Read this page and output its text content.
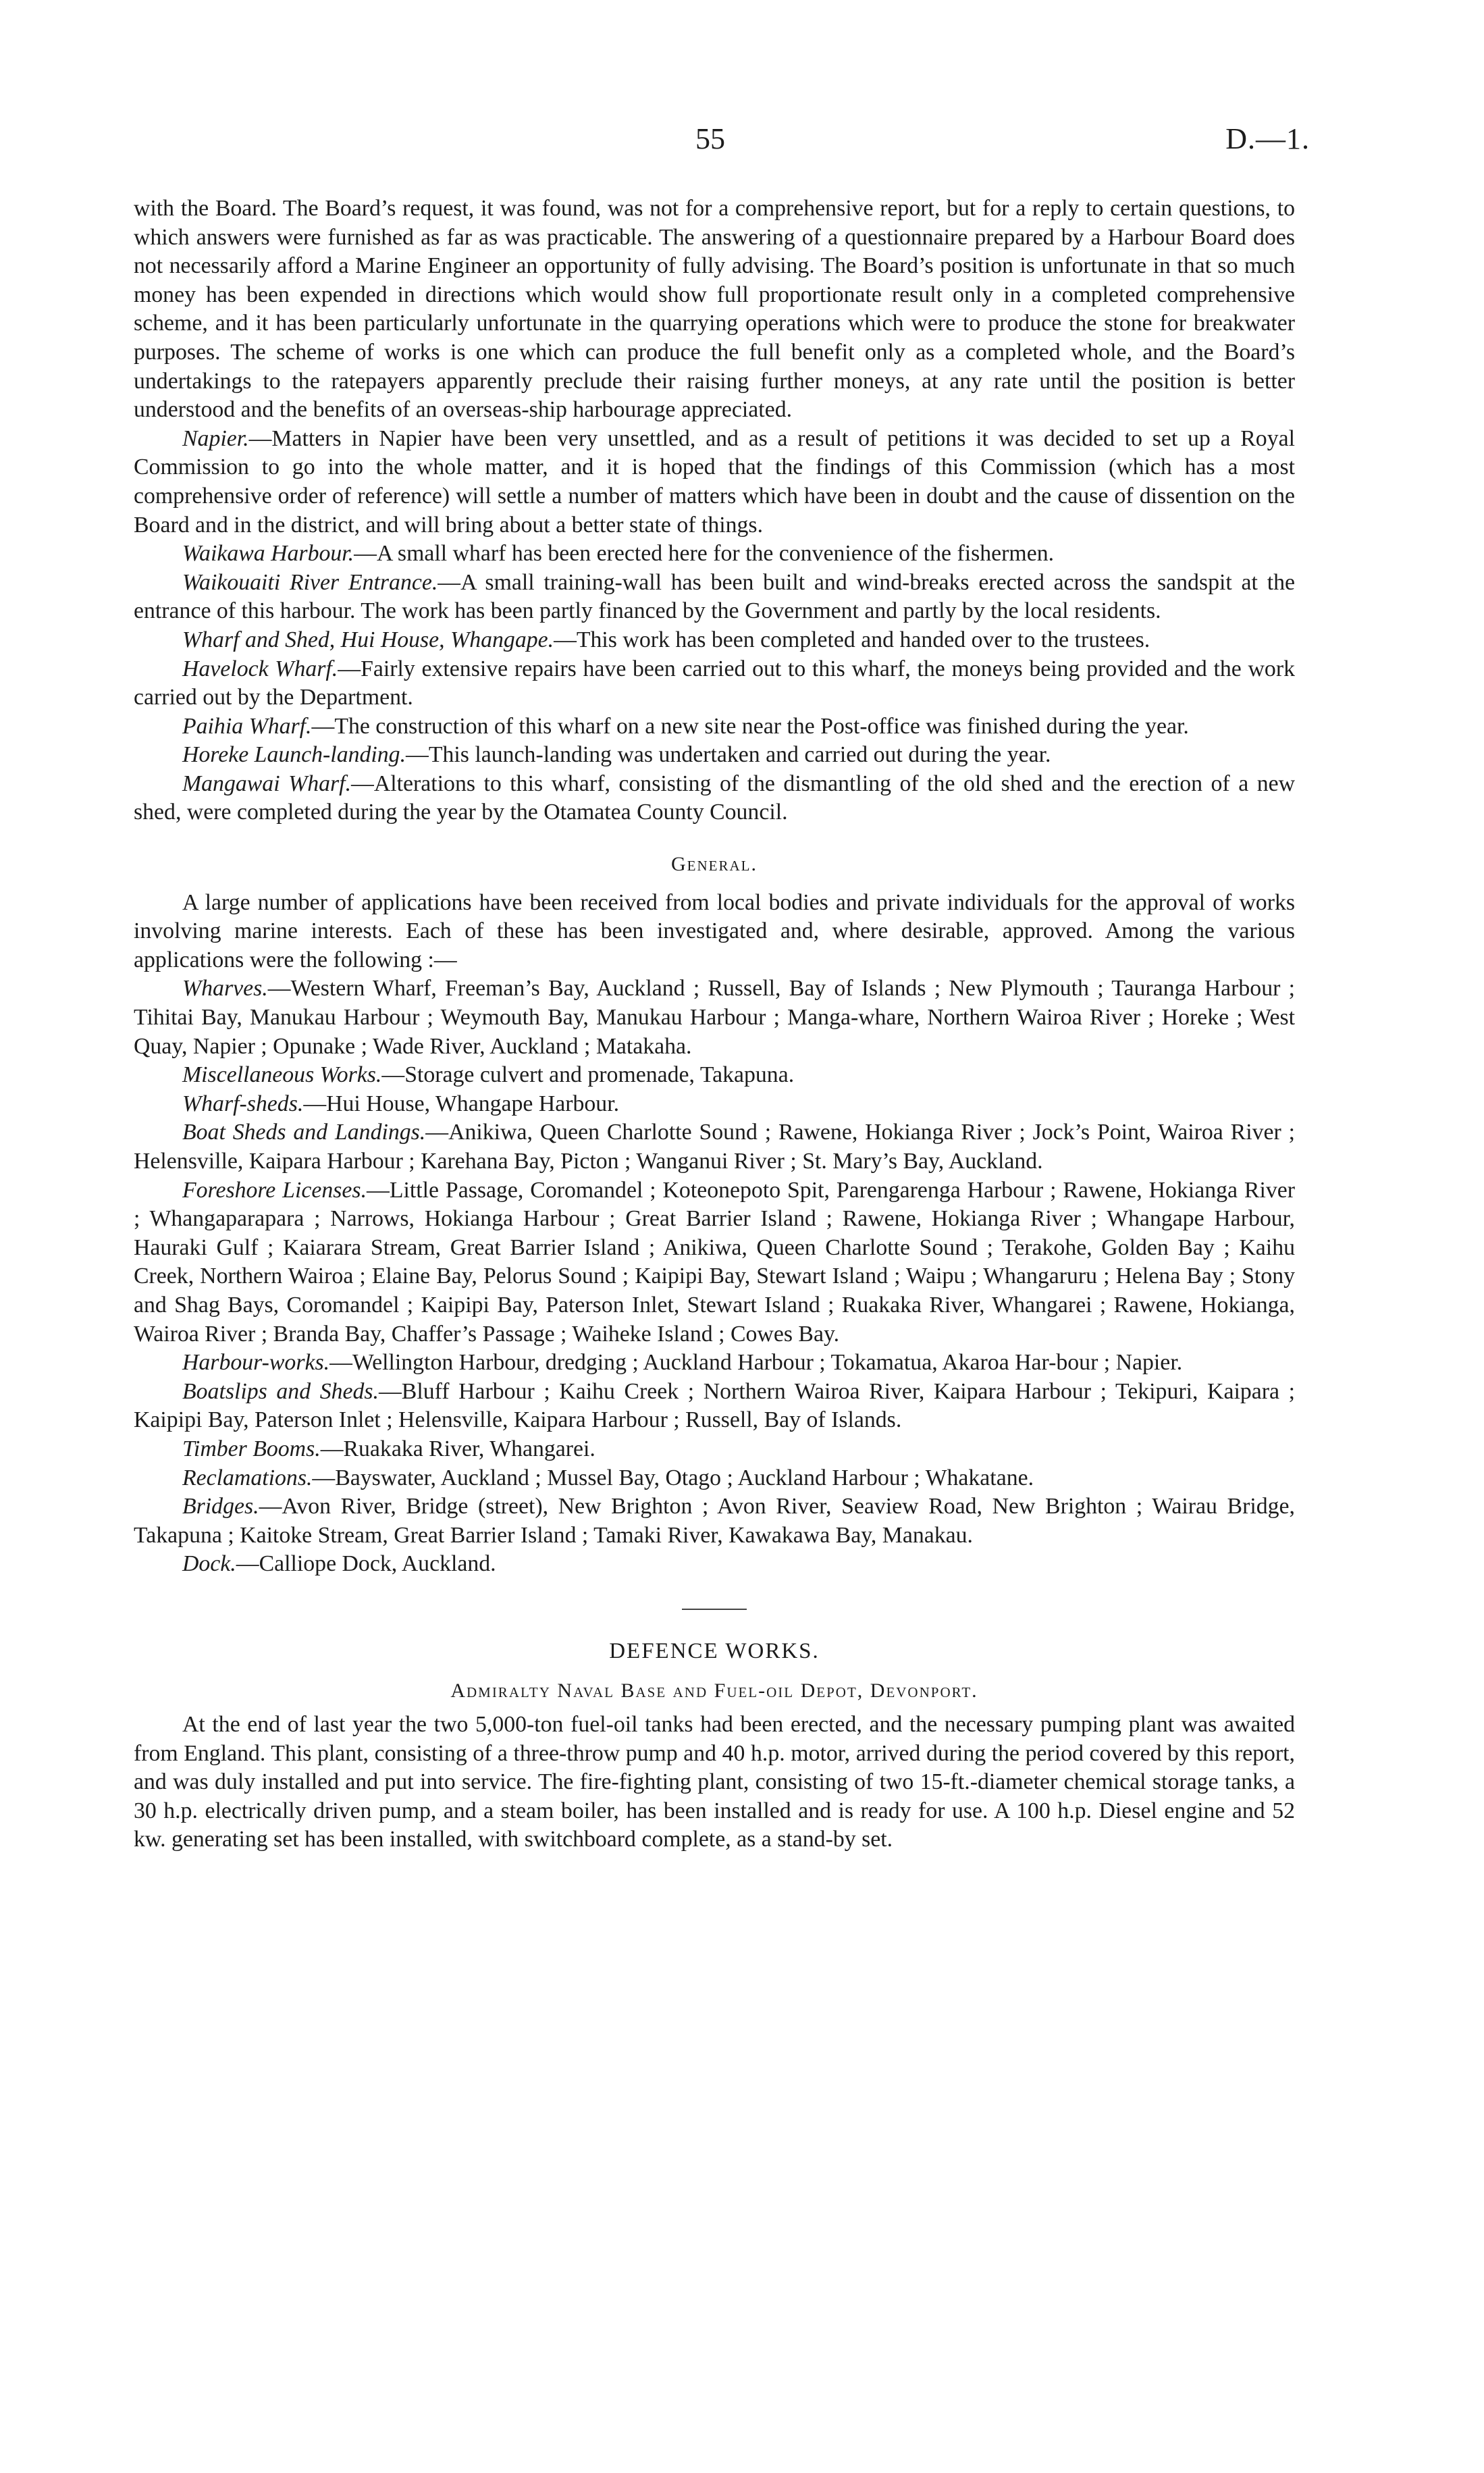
55	D.—1.

with the Board. The Board’s request, it was found, was not for a comprehensive report, but for a reply to certain questions, to which answers were furnished as far as was practicable. The answering of a questionnaire prepared by a Harbour Board does not necessarily afford a Marine Engineer an opportunity of fully advising. The Board’s position is unfortunate in that so much money has been expended in directions which would show full proportionate result only in a completed comprehensive scheme, and it has been particularly unfortunate in the quarrying operations which were to produce the stone for breakwater purposes. The scheme of works is one which can produce the full benefit only as a completed whole, and the Board’s undertakings to the ratepayers apparently preclude their raising further moneys, at any rate until the position is better understood and the benefits of an overseas-ship harbourage appreciated.

Napier.—Matters in Napier have been very unsettled, and as a result of petitions it was decided to set up a Royal Commission to go into the whole matter, and it is hoped that the findings of this Commission (which has a most comprehensive order of reference) will settle a number of matters which have been in doubt and the cause of dissention on the Board and in the district, and will bring about a better state of things.

Waikawa Harbour.—A small wharf has been erected here for the convenience of the fishermen.

Waikouaiti River Entrance.—A small training-wall has been built and wind-breaks erected across the sandspit at the entrance of this harbour. The work has been partly financed by the Government and partly by the local residents.

Wharf and Shed, Hui House, Whangape.—This work has been completed and handed over to the trustees.

Havelock Wharf.—Fairly extensive repairs have been carried out to this wharf, the moneys being provided and the work carried out by the Department.

Paihia Wharf.—The construction of this wharf on a new site near the Post-office was finished during the year.

Horeke Launch-landing.—This launch-landing was undertaken and carried out during the year.

Mangawai Wharf.—Alterations to this wharf, consisting of the dismantling of the old shed and the erection of a new shed, were completed during the year by the Otamatea County Council.

General.

A large number of applications have been received from local bodies and private individuals for the approval of works involving marine interests. Each of these has been investigated and, where desirable, approved. Among the various applications were the following :—

Wharves.—Western Wharf, Freeman’s Bay, Auckland ; Russell, Bay of Islands ; New Plymouth ; Tauranga Harbour ; Tihitai Bay, Manukau Harbour ; Weymouth Bay, Manukau Harbour ; Manga-whare, Northern Wairoa River ; Horeke ; West Quay, Napier ; Opunake ; Wade River, Auckland ; Matakaha.

Miscellaneous Works.—Storage culvert and promenade, Takapuna.

Wharf-sheds.—Hui House, Whangape Harbour.

Boat Sheds and Landings.—Anikiwa, Queen Charlotte Sound ; Rawene, Hokianga River ; Jock’s Point, Wairoa River ; Helensville, Kaipara Harbour ; Karehana Bay, Picton ; Wanganui River ; St. Mary’s Bay, Auckland.

Foreshore Licenses.—Little Passage, Coromandel ; Koteonepoto Spit, Parengarenga Harbour ; Rawene, Hokianga River ; Whangaparapara ; Narrows, Hokianga Harbour ; Great Barrier Island ; Rawene, Hokianga River ; Whangape Harbour, Hauraki Gulf ; Kaiarara Stream, Great Barrier Island ; Anikiwa, Queen Charlotte Sound ; Terakohe, Golden Bay ; Kaihu Creek, Northern Wairoa ; Elaine Bay, Pelorus Sound ; Kaipipi Bay, Stewart Island ; Waipu ; Whangaruru ; Helena Bay ; Stony and Shag Bays, Coromandel ; Kaipipi Bay, Paterson Inlet, Stewart Island ; Ruakaka River, Whangarei ; Rawene, Hokianga, Wairoa River ; Branda Bay, Chaffer’s Passage ; Waiheke Island ; Cowes Bay.

Harbour-works.—Wellington Harbour, dredging ; Auckland Harbour ; Tokamatua, Akaroa Har-bour ; Napier.

Boatslips and Sheds.—Bluff Harbour ; Kaihu Creek ; Northern Wairoa River, Kaipara Harbour ; Tekipuri, Kaipara ; Kaipipi Bay, Paterson Inlet ; Helensville, Kaipara Harbour ; Russell, Bay of Islands.

Timber Booms.—Ruakaka River, Whangarei.

Reclamations.—Bayswater, Auckland ; Mussel Bay, Otago ; Auckland Harbour ; Whakatane.

Bridges.—Avon River, Bridge (street), New Brighton ; Avon River, Seaview Road, New Brighton ; Wairau Bridge, Takapuna ; Kaitoke Stream, Great Barrier Island ; Tamaki River, Kawakawa Bay, Manakau.

Dock.—Calliope Dock, Auckland.

DEFENCE WORKS.

Admiralty Naval Base and Fuel-oil Depot, Devonport.

At the end of last year the two 5,000-ton fuel-oil tanks had been erected, and the necessary pumping plant was awaited from England. This plant, consisting of a three-throw pump and 40 h.p. motor, arrived during the period covered by this report, and was duly installed and put into service. The fire-fighting plant, consisting of two 15-ft.-diameter chemical storage tanks, a 30 h.p. electrically driven pump, and a steam boiler, has been installed and is ready for use. A 100 h.p. Diesel engine and 52 kw. generating set has been installed, with switchboard complete, as a stand-by set.
